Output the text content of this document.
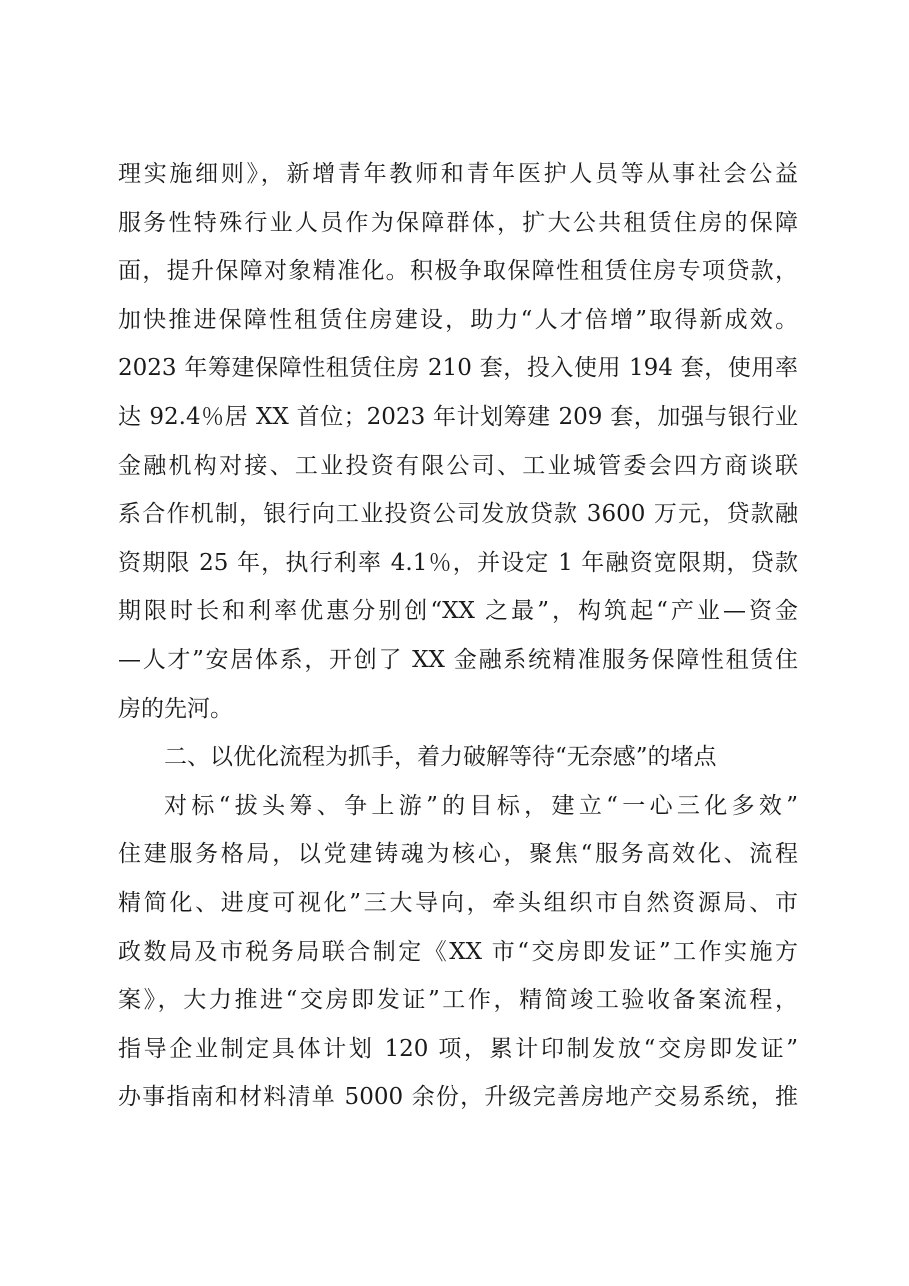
理实施细则》，新增青年教师和青年医护人员等从事社会公益
服务性特殊行业人员作为保障群体，扩大公共租赁住房的保障
面，提升保障对象精准化。积极争取保障性租赁住房专项贷款，
加快推进保障性租赁住房建设，助力“人才倍增”取得新成效。
2023 年筹建保障性租赁住房 210 套，投入使用 194 套，使用率
达 92.4％居 XX 首位；2023 年计划筹建 209 套，加强与银行业
金融机构对接、工业投资有限公司、工业城管委会四方商谈联
系合作机制，银行向工业投资公司发放贷款 3600 万元，贷款融
资期限 25 年，执行利率 4.1％，并设定 1 年融资宽限期，贷款
期限时长和利率优惠分别创“XX 之最”，构筑起“产业—资金
—人才”安居体系，开创了 XX 金融系统精准服务保障性租赁住
房的先河。
二、以优化流程为抓手，着力破解等待“无奈感”的堵点
对标“拔头筹、争上游”的目标，建立“一心三化多效”
住建服务格局，以党建铸魂为核心，聚焦“服务高效化、流程
精简化、进度可视化”三大导向，牵头组织市自然资源局、市
政数局及市税务局联合制定《XX 市“交房即发证”工作实施方
案》，大力推进“交房即发证”工作，精简竣工验收备案流程，
指导企业制定具体计划 120 项，累计印制发放“交房即发证”
办事指南和材料清单 5000 余份，升级完善房地产交易系统，推
